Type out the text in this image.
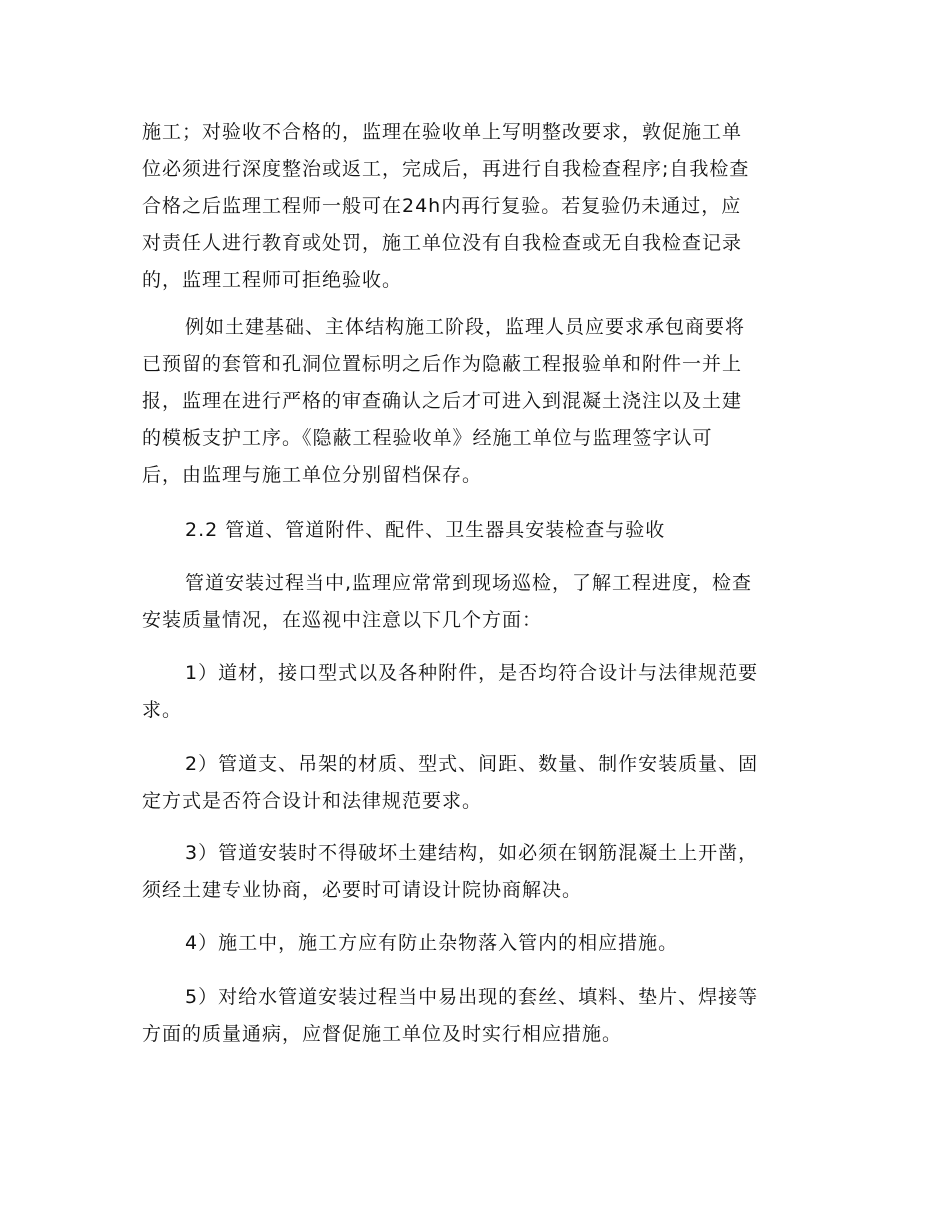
施工；对验收不合格的，监理在验收单上写明整改要求，敦促施工单
位必须进行深度整治或返工，完成后，再进行自我检查程序;自我检查
合格之后监理工程师一般可在24h内再行复验。若复验仍未通过，应
对责任人进行教育或处罚，施工单位没有自我检查或无自我检查记录
的，监理工程师可拒绝验收。
例如土建基础、主体结构施工阶段，监理人员应要求承包商要将
已预留的套管和孔洞位置标明之后作为隐蔽工程报验单和附件一并上
报，监理在进行严格的审查确认之后才可进入到混凝土浇注以及土建
的模板支护工序。《隐蔽工程验收单》经施工单位与监理签字认可
后，由监理与施工单位分别留档保存。
2.2 管道、管道附件、配件、卫生器具安装检查与验收
管道安装过程当中,监理应常常到现场巡检，了解工程进度，检查
安装质量情况，在巡视中注意以下几个方面：
1）道材，接口型式以及各种附件，是否均符合设计与法律规范要
求。
2）管道支、吊架的材质、型式、间距、数量、制作安装质量、固
定方式是否符合设计和法律规范要求。
3）管道安装时不得破坏土建结构，如必须在钢筋混凝土上开凿，
须经土建专业协商，必要时可请设计院协商解决。
4）施工中，施工方应有防止杂物落入管内的相应措施。
5）对给水管道安装过程当中易出现的套丝、填料、垫片、焊接等
方面的质量通病，应督促施工单位及时实行相应措施。
